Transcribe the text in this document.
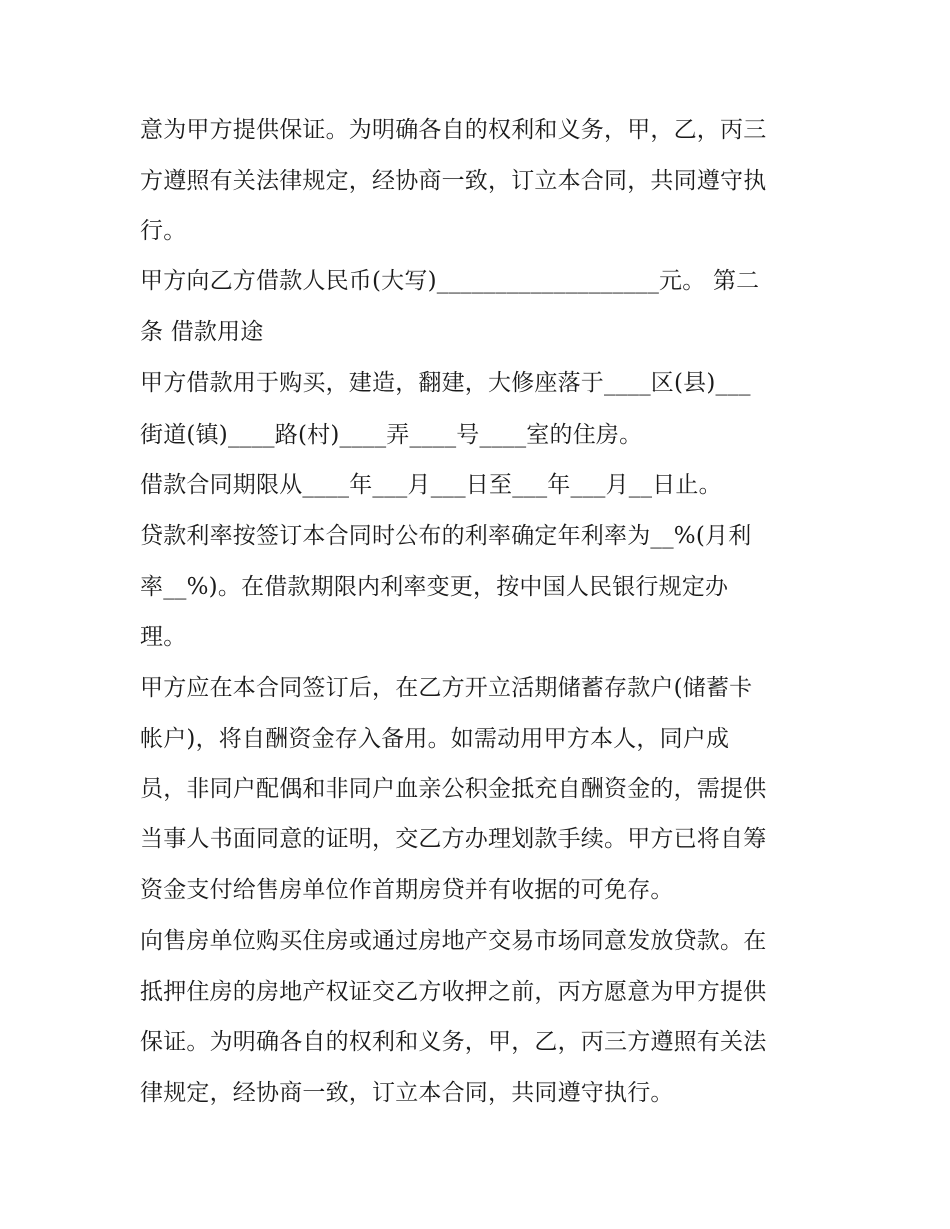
意为甲方提供保证。为明确各自的权利和义务，甲，乙，丙三
方遵照有关法律规定，经协商一致，订立本合同，共同遵守执
行。
甲方向乙方借款人民币(大写)___________________元。 第二
条 借款用途
甲方借款用于购买，建造，翻建，大修座落于____区(县)___
街道(镇)____路(村)____弄____号____室的住房。
借款合同期限从____年___月___日至___年___月__日止。
贷款利率按签订本合同时公布的利率确定年利率为__%(月利
率__%)。在借款期限内利率变更，按中国人民银行规定办
理。
甲方应在本合同签订后，在乙方开立活期储蓄存款户(储蓄卡
帐户)，将自酬资金存入备用。如需动用甲方本人，同户成
员，非同户配偶和非同户血亲公积金抵充自酬资金的，需提供
当事人书面同意的证明，交乙方办理划款手续。甲方已将自筹
资金支付给售房单位作首期房贷并有收据的可免存。
向售房单位购买住房或通过房地产交易市场同意发放贷款。在
抵押住房的房地产权证交乙方收押之前，丙方愿意为甲方提供
保证。为明确各自的权利和义务，甲，乙，丙三方遵照有关法
律规定，经协商一致，订立本合同，共同遵守执行。
